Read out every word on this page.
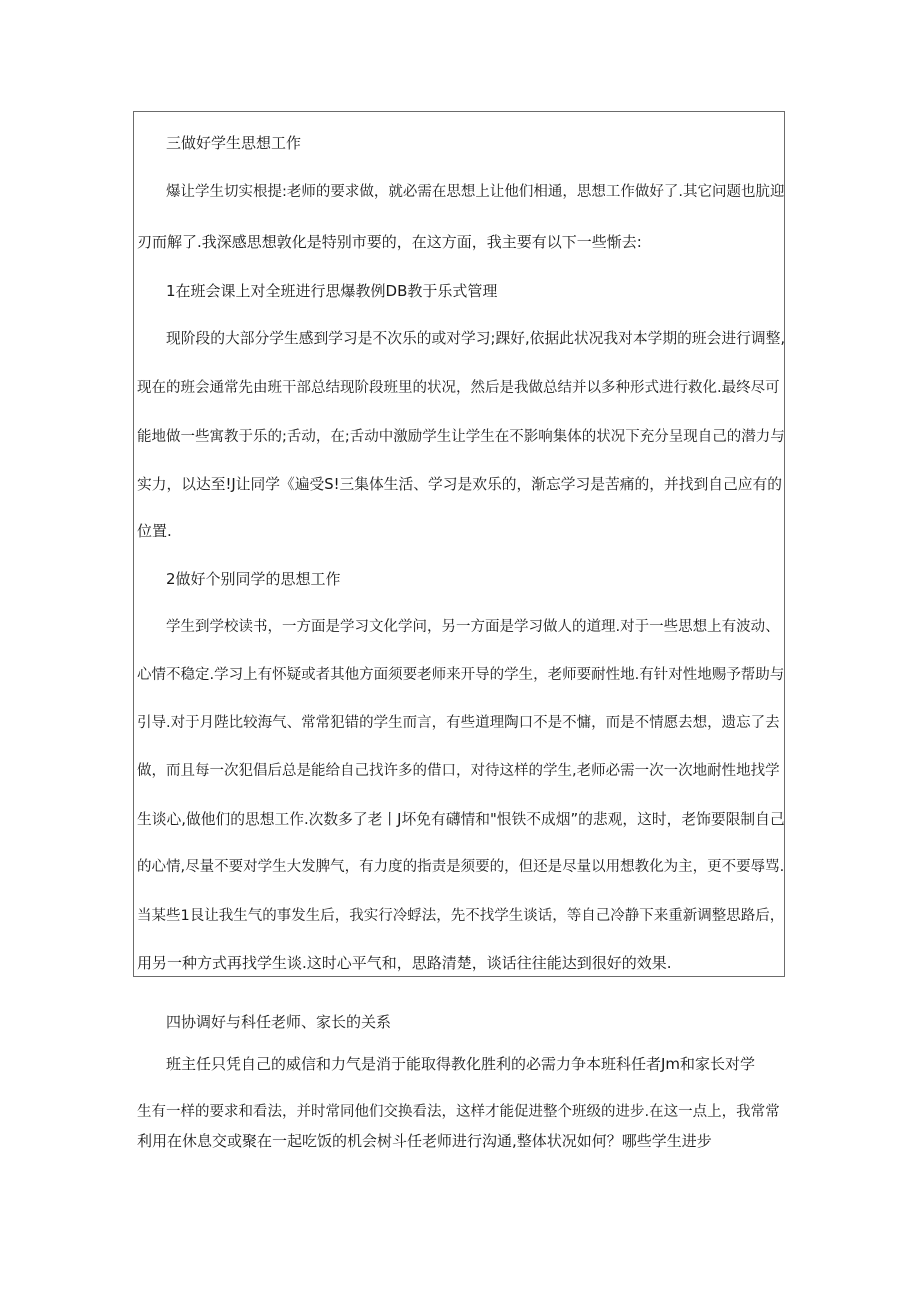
三做好学生思想工作
爆让学生切实根提:老师的要求做，就必需在思想上让他们相通，思想工作做好了.其它问题也肮迎
刃而解了.我深感思想敦化是特别市要的，在这方面，我主要有以下一些惭去:
1在班会课上对全班进行思爆教例DB教于乐式管理
现阶段的大部分学生感到学习是不次乐的或对学习;踝好,依据此状况我对本学期的班会进行调整,
现在的班会通常先由班干部总结现阶段班里的状况，然后是我做总结并以多种形式进行救化.最终尽可
能地做一些寓教于乐的;舌动，在;舌动中激励学生让学生在不影响集体的状况下充分呈现自己的潜力与
实力，以达至!J让同学《遍受S!三集体生活、学习是欢乐的，渐忘学习是苦痛的，并找到自己应有的
位置.
2做好个别同学的思想工作
学生到学校读书，一方面是学习文化学问，另一方面是学习做人的道理.对于一些思想上有波动、
心情不稳定.学习上有怀疑或者其他方面须要老师来开导的学生，老师要耐性地.有针对性地赐予帮助与
引导.对于月陛比较海气、常常犯错的学生而言，有些道理陶口不是不慵，而是不情愿去想，遗忘了去
做，而且每一次犯倡后总是能给自己找许多的借口，对待这样的学生,老师必需一次一次地耐性地找学
生谈心,做他们的思想工作.次数多了老丨J坏免有礴情和"恨铁不成烟”的悲观，这时，老饰要限制自己
的心情,尽量不要对学生大发脾气，有力度的指责是须要的，但还是尽量以用想教化为主，更不要辱骂.
当某些1艮让我生气的事发生后，我实行冷蜉法，先不找学生谈话，等自己冷静下来重新调整思路后，
用另一种方式再找学生谈.这时心平气和，思路清楚，谈话往往能达到很好的效果.
四协调好与科任老师、家长的关系
班主任只凭自己的威信和力气是消于能取得教化胜利的必需力争本班科任者Jm和家长对学
生有一样的要求和看法，并时常同他们交换看法，这样才能促进整个班级的进步.在这一点上，我常常
利用在休息交或聚在一起吃饭的机会树斗任老师进行沟通,整体状况如何？哪些学生进步
